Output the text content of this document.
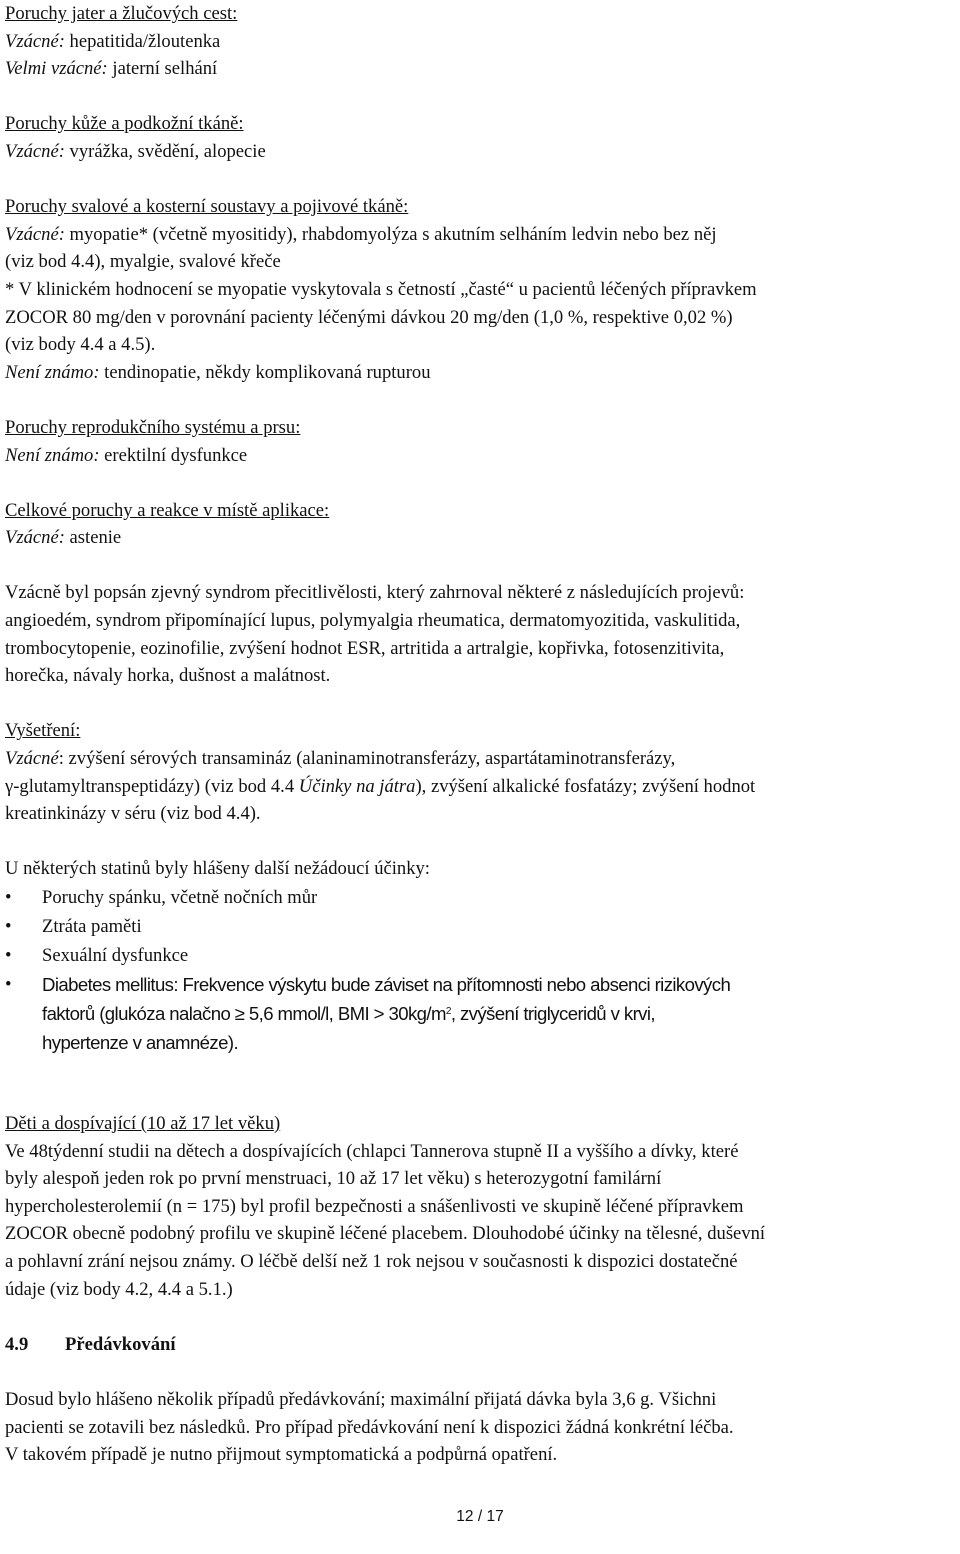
Poruchy jater a žlučových cest:
Vzácné: hepatitida/žloutenka
Velmi vzácné: jaterní selhání
Poruchy kůže a podkožní tkáně:
Vzácné: vyrážka, svědění, alopecie
Poruchy svalové a kosterní soustavy a pojivové tkáně:
Vzácné: myopatie* (včetně myositidy), rhabdomyolýza s akutním selháním ledvin nebo bez něj
(viz bod 4.4), myalgie, svalové křeče
* V klinickém hodnocení se myopatie vyskytovala s četností „časté“ u pacientů léčených přípravkem
ZOCOR 80 mg/den v porovnání pacienty léčenými dávkou 20 mg/den (1,0 %, respektive 0,02 %)
(viz body 4.4 a 4.5).
Není známo: tendinopatie, někdy komplikovaná rupturou
Poruchy reprodukčního systému a prsu:
Není známo: erektilní dysfunkce
Celkové poruchy a reakce v místě aplikace:
Vzácné: astenie
Vzácně byl popsán zjevný syndrom přecitlivělosti, který zahrnoval některé z následujících projevů:
angioedém, syndrom připomínající lupus, polymyalgia rheumatica, dermatomyozitida, vaskulitida,
trombocytopenie, eozinofilie, zvýšení hodnot ESR, artritida a artralgie, kopřivka, fotosenzitivita,
horečka, návaly horka, dušnost a malátnost.
Vyšetření:
Vzácné: zvýšení sérových transamináz (alaninaminotransferázy, aspartátaminotransferázy,
γ-glutamyltranspeptidázy) (viz bod 4.4 Účinky na játra), zvýšení alkalické fosfatázy; zvýšení hodnot
kreatinkinázy v séru (viz bod 4.4).
U některých statinů byly hlášeny další nežádoucí účinky:
•	Poruchy spánku, včetně nočních můr
•	Ztráta paměti
•	Sexuální dysfunkce
•	Diabetes mellitus: Frekvence výskytu bude záviset na přítomnosti nebo absenci rizikových
faktorů (glukóza nalačno ≥ 5,6 mmol/l, BMI > $30kg/m^2$, zvýšení triglyceridů v krvi,
hypertenze v anamnéze).
Děti a dospívající (10 až 17 let věku)
Ve 48týdenní studii na dětech a dospívajících (chlapci Tannerova stupně II a vyššího a dívky, které
byly alespoň jeden rok po první menstruaci, 10 až 17 let věku) s heterozygotní familární
hypercholesterolemií (n = 175) byl profil bezpečnosti a snášenlivosti ve skupině léčené přípravkem
ZOCOR obecně podobný profilu ve skupině léčené placebem. Dlouhodobé účinky na tělesné, duševní
a pohlavní zrání nejsou známy. O léčbě delší než 1 rok nejsou v současnosti k dispozici dostatečné
údaje (viz body 4.2, 4.4 a 5.1.)
4.9 Předávkování
Dosud bylo hlášeno několik případů předávkování; maximální přijatá dávka byla 3,6 g. Všichni
pacienti se zotavili bez následků. Pro případ předávkování není k dispozici žádná konkrétní léčba.
V takovém případě je nutno přijmout symptomatická a podpůrná opatření.
12 / 17
